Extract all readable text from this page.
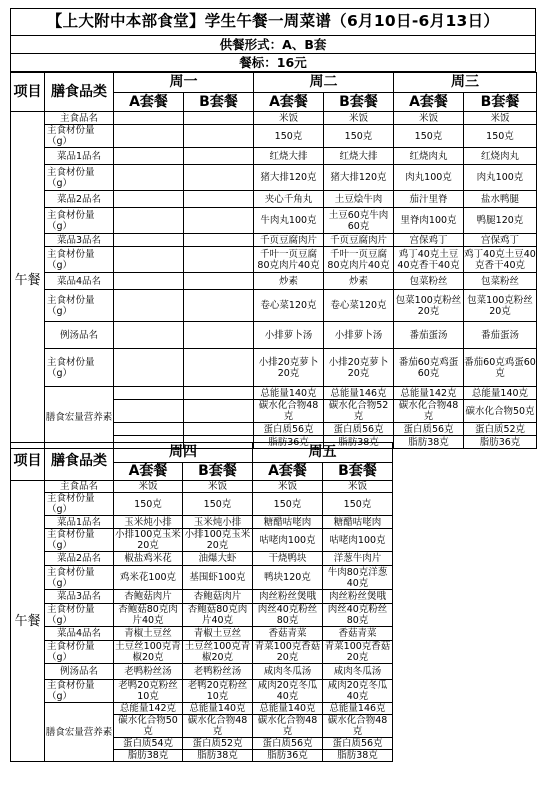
【上大附中本部食堂】学生午餐一周菜谱（6月10日-6月13日）
供餐形式：A、B套
餐标：16元
项目	膳食品类	周一		周二		周三	
		A套餐	B套餐	A套餐	B套餐	A套餐	B套餐
午餐	主食品名			米饭	米饭	米饭	米饭
	主食材份量（g）			150克	150克	150克	150克
	菜品1品名			红烧大排	红烧大排	红烧肉丸	红烧肉丸
	主食材份量（g）			猪大排120克	猪大排120克	肉丸100克	肉丸100克
	菜品2品名			夹心千角丸	土豆烩牛肉	茄汁里脊	盐水鸭腿
	主食材份量（g）			牛肉丸100克	土豆60克牛肉60克	里脊肉100克	鸭腿120克
	菜品3品名			千页豆腐肉片	千页豆腐肉片	宫保鸡丁	宫保鸡丁
	主食材份量（g）			千叶一页豆腐80克肉片40克	千叶一页豆腐80克肉片40克	鸡丁40克土豆40克香干40克	鸡丁40克土豆40克香干40克
	菜品4品名			炒素	炒素	包菜粉丝	包菜粉丝
	主食材份量（g）			卷心菜120克	卷心菜120克	包菜100克粉丝20克	包菜100克粉丝20克
	例汤品名			小排萝卜汤	小排萝卜汤	番茄蛋汤	番茄蛋汤
	主食材份量（g）			小排20克萝卜20克	小排20克萝卜20克	番茄60克鸡蛋60克	番茄60克鸡蛋60克
	膳食宏量营养素			总能量140克	总能量146克	总能量142克	总能量140克
				碳水化合物48克	碳水化合物52克	碳水化合物48克	碳水化合物50克
				蛋白质56克	蛋白质56克	蛋白质56克	蛋白质52克
				脂肪36克	脂肪38克	脂肪38克	脂肪36克
项目	膳食品类	周四		周五	
		A套餐	B套餐	A套餐	B套餐
午餐	主食品名	米饭	米饭	米饭	米饭
	主食材份量（g）	150克	150克	150克	150克
	菜品1品名	玉米炖小排	玉米炖小排	糖醋咕咾肉	糖醋咕咾肉
	主食材份量（g）	小排100克玉米20克	小排100克玉米20克	咕咾肉100克	咕咾肉100克
	菜品2品名	椒盐鸡米花	油爆大虾	干烧鸭块	洋葱牛肉片
	主食材份量（g）	鸡米花100克	基围虾100克	鸭块120克	牛肉80克洋葱40克
	菜品3品名	杏鲍菇肉片	杏鲍菇肉片	肉丝粉丝煲哦	肉丝粉丝煲哦
	主食材份量（g）	杏鲍菇80克肉片40克	杏鲍菇80克肉片40克	肉丝40克粉丝80克	肉丝40克粉丝80克
	菜品4品名	青椒土豆丝	青椒土豆丝	香菇青菜	香菇青菜
	主食材份量（g）	土豆丝100克青椒20克	土豆丝100克青椒20克	青菜100克香菇20克	青菜100克香菇20克
	例汤品名	老鸭粉丝汤	老鸭粉丝汤	咸肉冬瓜汤	咸肉冬瓜汤
	主食材份量（g）	老鸭20克粉丝10克	老鸭20克粉丝10克	咸肉20克冬瓜40克	咸肉20克冬瓜40克
	膳食宏量营养素	总能量142克	总能量140克	总能量140克	总能量146克
		碳水化合物50克	碳水化合物48克	碳水化合物48克	碳水化合物48克
		蛋白质54克	蛋白质52克	蛋白质56克	蛋白质56克
		脂肪38克	脂肪38克	脂肪36克	脂肪38克
